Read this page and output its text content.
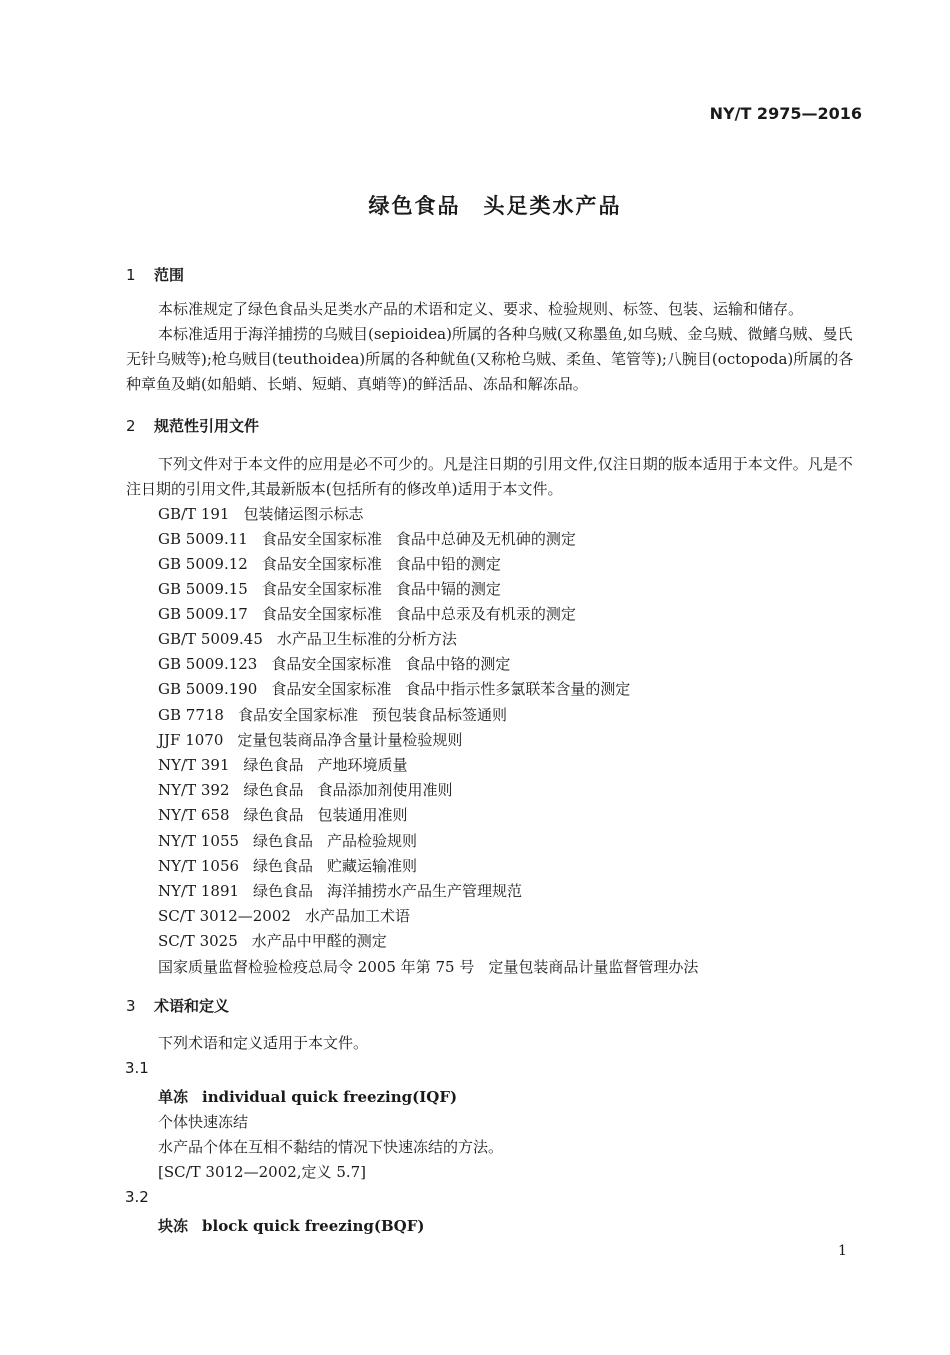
NY/T 2975—2016
绿色食品　头足类水产品
1 范围
本标准规定了绿色食品头足类水产品的术语和定义、要求、检验规则、标签、包装、运输和储存。
本标准适用于海洋捕捞的乌贼目(sepioidea)所属的各种乌贼(又称墨鱼,如乌贼、金乌贼、微鳍乌贼、曼氏无针乌贼等);枪乌贼目(teuthoidea)所属的各种鱿鱼(又称枪乌贼、柔鱼、笔管等);八腕目(octopoda)所属的各种章鱼及蛸(如船蛸、长蛸、短蛸、真蛸等)的鲜活品、冻品和解冻品。
2 规范性引用文件
下列文件对于本文件的应用是必不可少的。凡是注日期的引用文件,仅注日期的版本适用于本文件。凡是不注日期的引用文件,其最新版本(包括所有的修改单)适用于本文件。
GB/T 191 包装储运图示标志
GB 5009.11 食品安全国家标准 食品中总砷及无机砷的测定
GB 5009.12 食品安全国家标准 食品中铅的测定
GB 5009.15 食品安全国家标准 食品中镉的测定
GB 5009.17 食品安全国家标准 食品中总汞及有机汞的测定
GB/T 5009.45 水产品卫生标准的分析方法
GB 5009.123 食品安全国家标准 食品中铬的测定
GB 5009.190 食品安全国家标准 食品中指示性多氯联苯含量的测定
GB 7718 食品安全国家标准 预包装食品标签通则
JJF 1070 定量包装商品净含量计量检验规则
NY/T 391 绿色食品 产地环境质量
NY/T 392 绿色食品 食品添加剂使用准则
NY/T 658 绿色食品 包装通用准则
NY/T 1055 绿色食品 产品检验规则
NY/T 1056 绿色食品 贮藏运输准则
NY/T 1891 绿色食品 海洋捕捞水产品生产管理规范
SC/T 3012—2002 水产品加工术语
SC/T 3025 水产品中甲醛的测定
国家质量监督检验检疫总局令 2005 年第 75 号 定量包装商品计量监督管理办法
3 术语和定义
下列术语和定义适用于本文件。
3.1
单冻 individual quick freezing(IQF)
个体快速冻结
水产品个体在互相不黏结的情况下快速冻结的方法。
[SC/T 3012—2002,定义 5.7]
3.2
块冻 block quick freezing(BQF)
1
